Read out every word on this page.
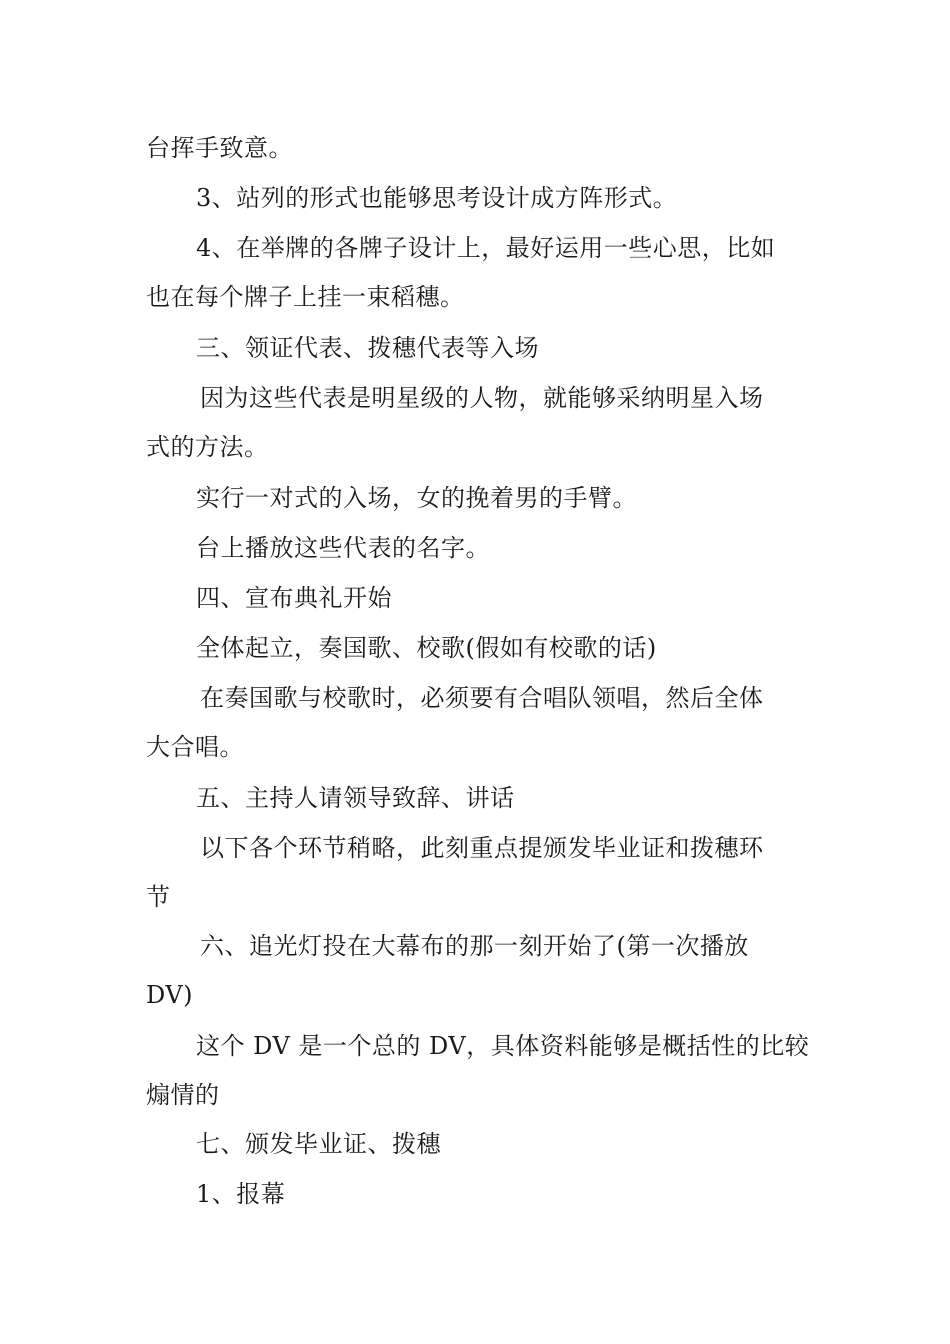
台挥手致意。
3、站列的形式也能够思考设计成方阵形式。
4、在举牌的各牌子设计上，最好运用一些心思，比如
也在每个牌子上挂一束稻穗。
三、领证代表、拨穗代表等入场
因为这些代表是明星级的人物，就能够采纳明星入场
式的方法。
实行一对式的入场，女的挽着男的手臂。
台上播放这些代表的名字。
四、宣布典礼开始
全体起立，奏国歌、校歌(假如有校歌的话)
在奏国歌与校歌时，必须要有合唱队领唱，然后全体
大合唱。
五、主持人请领导致辞、讲话
以下各个环节稍略，此刻重点提颁发毕业证和拨穗环
节
六、追光灯投在大幕布的那一刻开始了(第一次播放
DV)
这个 DV 是一个总的 DV，具体资料能够是概括性的比较
煽情的
七、颁发毕业证、拨穗
1、报幕
